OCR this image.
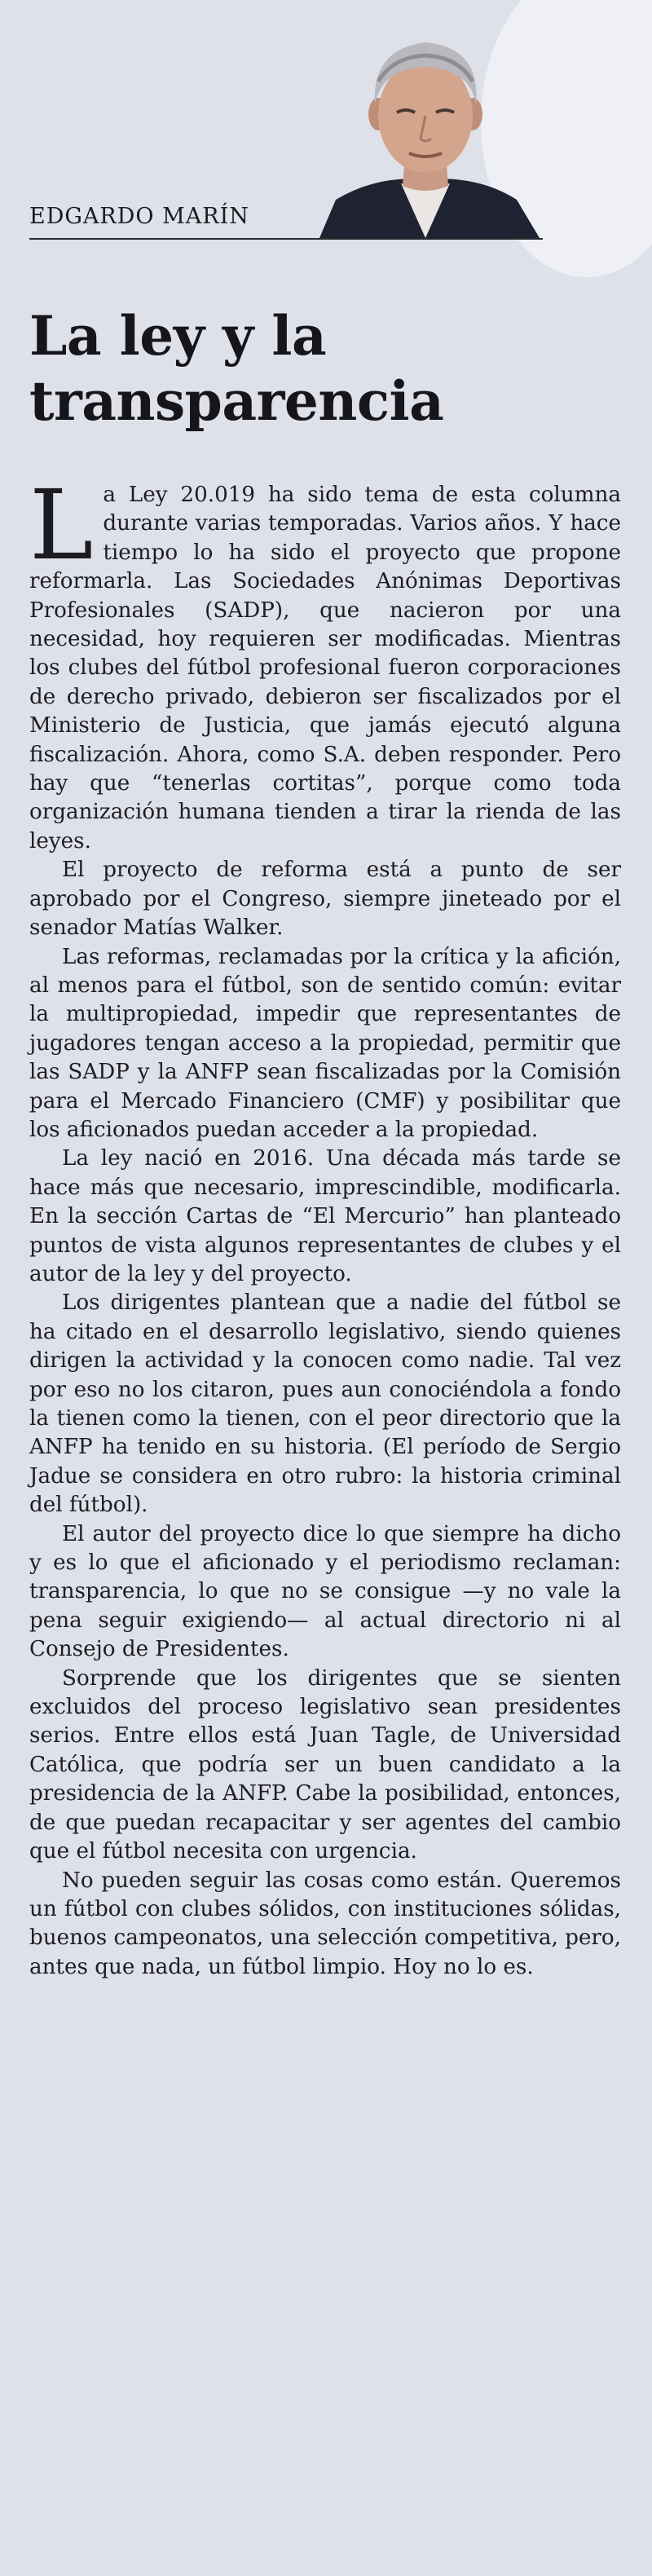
EDGARDO MARÍN
La ley y la transparencia

La Ley 20.019 ha sido tema de esta columna durante varias temporadas. Varios años. Y hace tiempo lo ha sido el proyecto que propone reformarla. Las Sociedades Anónimas Deportivas Profesionales (SADP), que nacieron por una necesidad, hoy requieren ser modificadas. Mientras los clubes del fútbol profesional fueron corporaciones de derecho privado, debieron ser fiscalizados por el Ministerio de Justicia, que jamás ejecutó alguna fiscalización. Ahora, como S.A. deben responder. Pero hay que “tenerlas cortitas”, porque como toda organización humana tienden a tirar la rienda de las leyes.

El proyecto de reforma está a punto de ser aprobado por el Congreso, siempre jineteado por el senador Matías Walker.

Las reformas, reclamadas por la crítica y la afición, al menos para el fútbol, son de sentido común: evitar la multipropiedad, impedir que representantes de jugadores tengan acceso a la propiedad, permitir que las SADP y la ANFP sean fiscalizadas por la Comisión para el Mercado Financiero (CMF) y posibilitar que los aficionados puedan acceder a la propiedad.

La ley nació en 2016. Una década más tarde se hace más que necesario, imprescindible, modificarla. En la sección Cartas de “El Mercurio” han planteado puntos de vista algunos representantes de clubes y el autor de la ley y del proyecto.

Los dirigentes plantean que a nadie del fútbol se ha citado en el desarrollo legislativo, siendo quienes dirigen la actividad y la conocen como nadie. Tal vez por eso no los citaron, pues aun conociéndola a fondo la tienen como la tienen, con el peor directorio que la ANFP ha tenido en su historia. (El período de Sergio Jadue se considera en otro rubro: la historia criminal del fútbol).

El autor del proyecto dice lo que siempre ha dicho y es lo que el aficionado y el periodismo reclaman: transparencia, lo que no se consigue —y no vale la pena seguir exigiendo— al actual directorio ni al Consejo de Presidentes.

Sorprende que los dirigentes que se sienten excluidos del proceso legislativo sean presidentes serios. Entre ellos está Juan Tagle, de Universidad Católica, que podría ser un buen candidato a la presidencia de la ANFP. Cabe la posibilidad, entonces, de que puedan recapacitar y ser agentes del cambio que el fútbol necesita con urgencia.

No pueden seguir las cosas como están. Queremos un fútbol con clubes sólidos, con instituciones sólidas, buenos campeonatos, una selección competitiva, pero, antes que nada, un fútbol limpio. Hoy no lo es.
